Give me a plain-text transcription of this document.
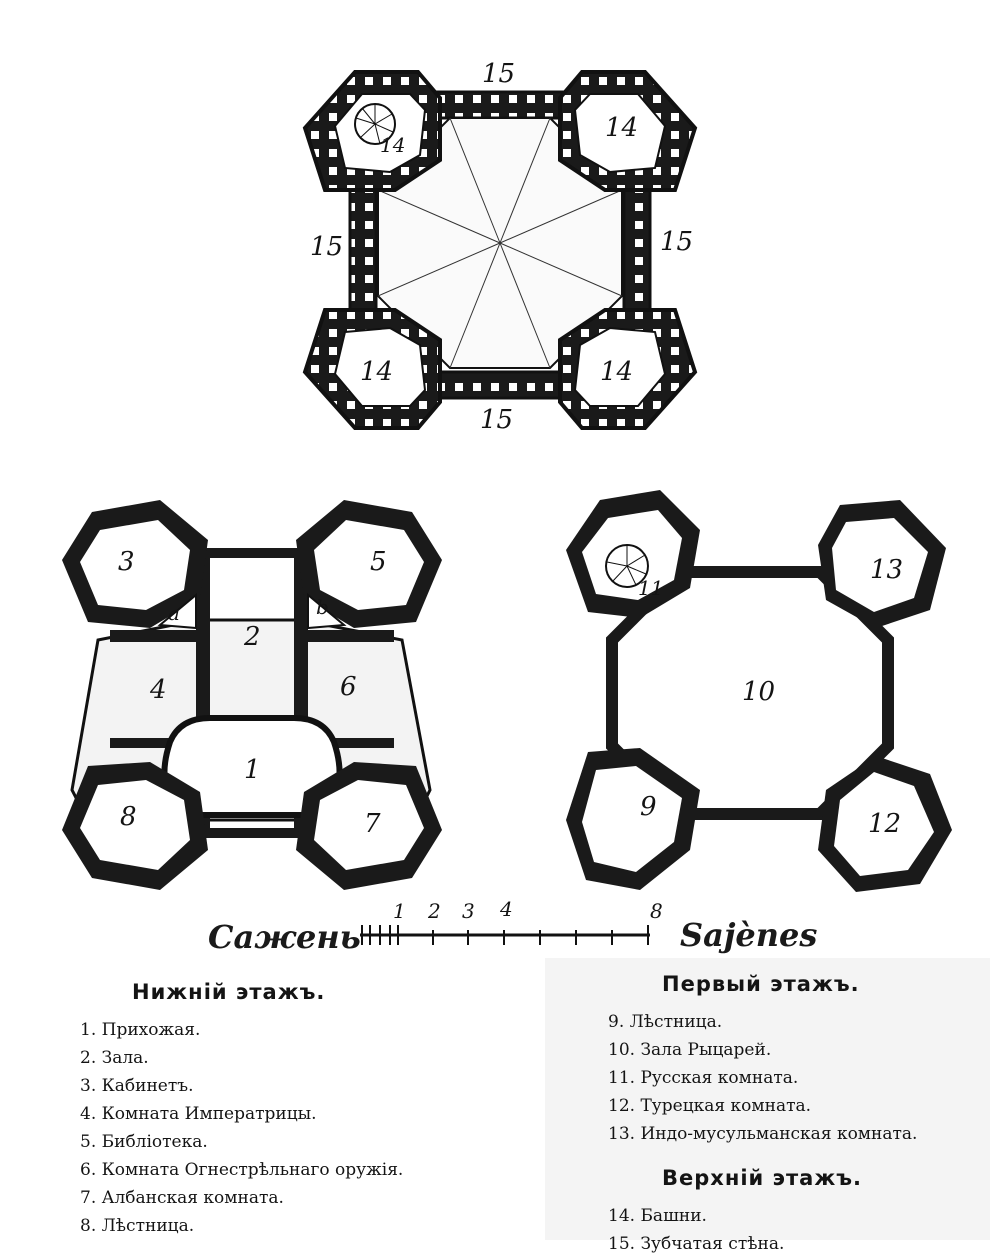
14
14
14	14
15
15
15	15
3	5
2
4	6
1
8	7
a	b
11
13
10
9
12
Сажень
1 2 3 4	8
Sajènes
Нижній этажъ.
1. Прихожая.
2. Зала.
3. Кабинетъ.
4. Комната Императрицы.
5. Библіотека.
6. Комната Огнестрѣльнаго оружія.
7. Албанская комната.
8. Лѣстница.
Первый этажъ.
9. Лѣстница.
10. Зала Рыцарей.
11. Русская комната.
12. Турецкая комната.
13. Индо-мусульманская комната.
Верхній этажъ.
14. Башни.
15. Зубчатая стѣна.
